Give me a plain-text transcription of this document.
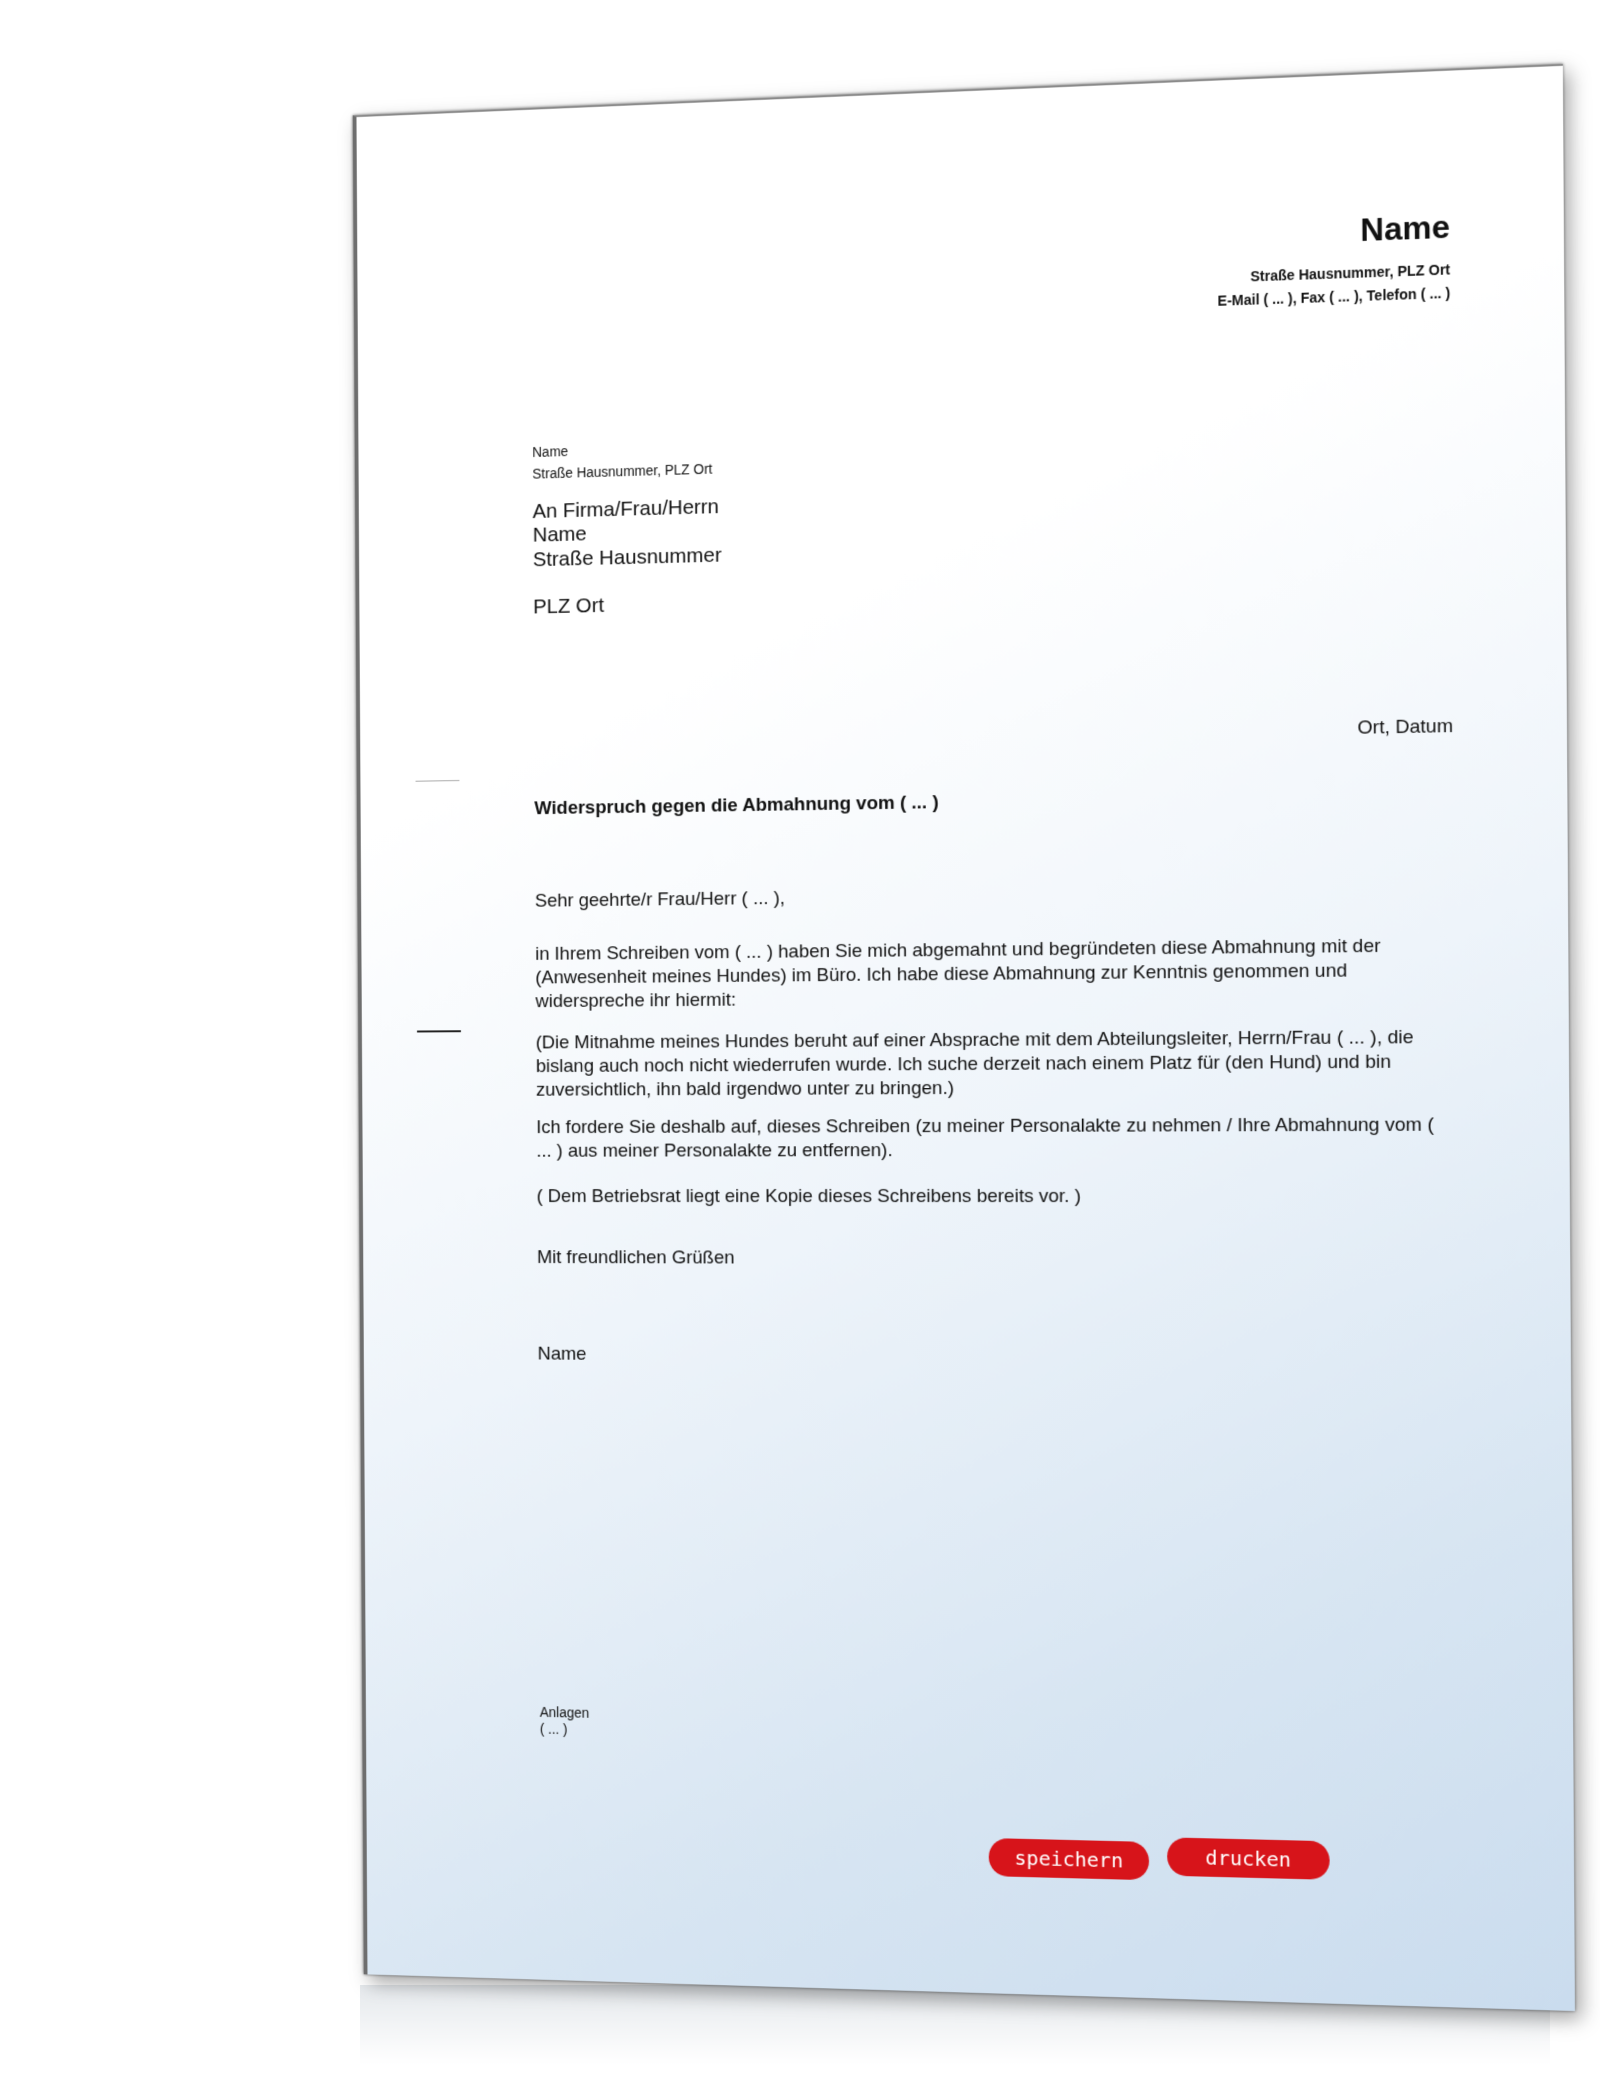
Name
Straße Hausnummer, PLZ Ort
E-Mail ( ... ), Fax ( ... ), Telefon ( ... )
Name
Straße Hausnummer, PLZ Ort
An Firma/Frau/Herrn
Name
Straße Hausnummer
PLZ Ort
Ort, Datum
Widerspruch gegen die Abmahnung vom ( ... )
Sehr geehrte/r Frau/Herr ( ... ),
in Ihrem Schreiben vom ( ... ) haben Sie mich abgemahnt und begründeten diese Abmahnung mit der (Anwesenheit meines Hundes) im Büro. Ich habe diese Abmahnung zur Kenntnis genommen und widerspreche ihr hiermit:
(Die Mitnahme meines Hundes beruht auf einer Absprache mit dem Abteilungsleiter, Herrn/Frau ( ... ), die bislang auch noch nicht wiederrufen wurde. Ich suche derzeit nach einem Platz für (den Hund) und bin zuversichtlich, ihn bald irgendwo unter zu bringen.)
Ich fordere Sie deshalb auf, dieses Schreiben (zu meiner Personalakte zu nehmen / Ihre Abmahnung vom ( ... ) aus meiner Personalakte zu entfernen).
( Dem Betriebsrat liegt eine Kopie dieses Schreibens bereits vor. )
Mit freundlichen Grüßen
Name
Anlagen
( ... )
speichern	drucken
